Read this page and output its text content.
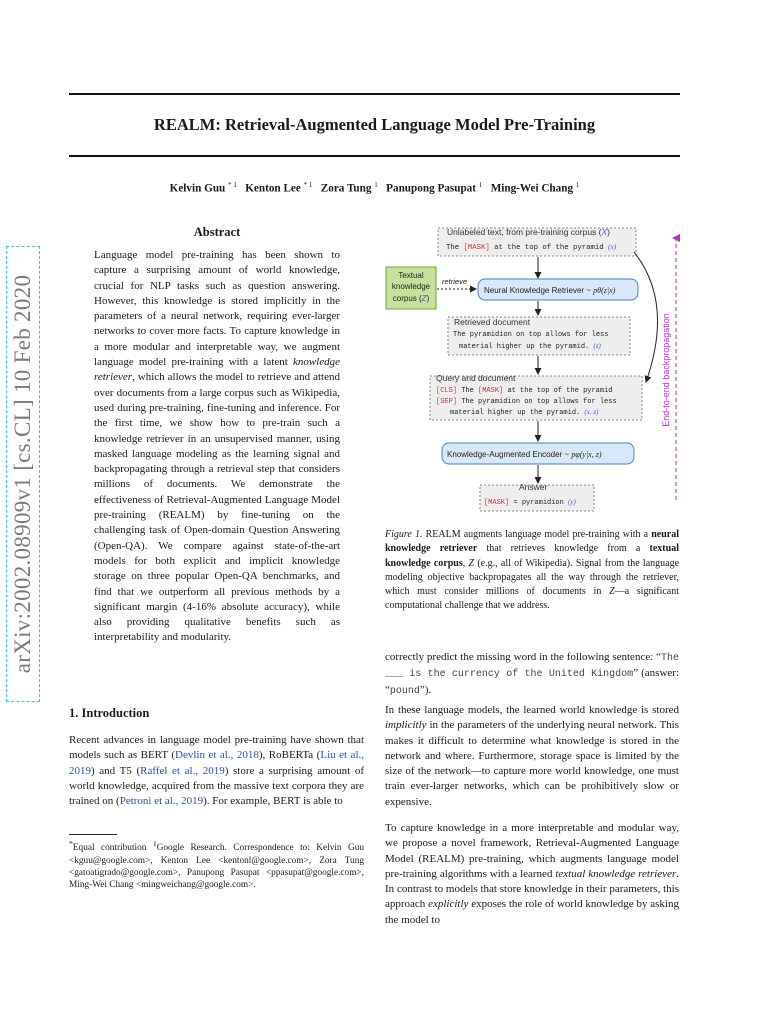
arXiv:2002.08909v1 [cs.CL] 10 Feb 2020
REALM: Retrieval-Augmented Language Model Pre-Training
Kelvin Guu $^{* 1}$ Kenton Lee $^{* 1}$ Zora Tung $^1$ Panupong Pasupat $^1$ Ming-Wei Chang $^1$
Abstract

Language model pre-training has been shown to capture a surprising amount of world knowledge, crucial for NLP tasks such as question answering. However, this knowledge is stored implicitly in the parameters of a neural network, requiring ever-larger networks to cover more facts. To capture knowledge in a more modular and interpretable way, we augment language model pre-training with a latent knowledge retriever, which allows the model to retrieve and attend over documents from a large corpus such as Wikipedia, used during pre-training, fine-tuning and inference. For the first time, we show how to pre-train such a knowledge retriever in an unsupervised manner, using masked language modeling as the learning signal and backpropagating through a retrieval step that considers millions of documents. We demonstrate the effectiveness of Retrieval-Augmented Language Model pre-training (REALM) by fine-tuning on the challenging task of Open-domain Question Answering (Open-QA). We compare against state-of-the-art models for both explicit and implicit knowledge storage on three popular Open-QA benchmarks, and find that we outperform all previous methods by a significant margin (4-16% absolute accuracy), while also providing qualitative benefits such as interpretability and modularity.

1. Introduction

Recent advances in language model pre-training have shown that models such as BERT (Devlin et al., 2018), RoBERTa (Liu et al., 2019) and T5 (Raffel et al., 2019) store a surprising amount of world knowledge, acquired from the massive text corpora they are trained on (Petroni et al., 2019). For example, BERT is able to

*Equal contribution $^1$Google Research. Correspondence to: Kelvin Guu <kguu@google.com>, Kenton Lee <kentonl@google.com>, Zora Tung <gatoatigrado@google.com>, Panupong Pasupat <ppasupat@google.com>, Ming-Wei Chang <mingweichang@google.com>.

Unlabeled text, from pre-training corpus (X)
The [MASK] at the top of the pyramid (x)
Textual
knowledge
corpus (Z)
retrieve
Neural Knowledge Retriever ~ pθ(z|x)
Retrieved document
The pyramidion on top allows for less
material higher up the pyramid. (z)
Query and document
[CLS] The [MASK] at the top of the pyramid
[SEP] The pyramidion on top allows for less
material higher up the pyramid. (x, z)
Knowledge-Augmented Encoder ~ pφ(y|x, z)
Answer
[MASK] = pyramidion (y)
End-to-end backpropagation

Figure 1. REALM augments language model pre-training with a neural knowledge retriever that retrieves knowledge from a textual knowledge corpus, Z (e.g., all of Wikipedia). Signal from the language modeling objective backpropagates all the way through the retriever, which must consider millions of documents in Z—a significant computational challenge that we address.

correctly predict the missing word in the following sentence: “The ___ is the currency of the United Kingdom” (answer: “pound”).

In these language models, the learned world knowledge is stored implicitly in the parameters of the underlying neural network. This makes it difficult to determine what knowledge is stored in the network and where. Furthermore, storage space is limited by the size of the network—to capture more world knowledge, one must train ever-larger networks, which can be prohibitively slow or expensive.

To capture knowledge in a more interpretable and modular way, we propose a novel framework, Retrieval-Augmented Language Model (REALM) pre-training, which augments language model pre-training algorithms with a learned textual knowledge retriever. In contrast to models that store knowledge in their parameters, this approach explicitly exposes the role of world knowledge by asking the model to
